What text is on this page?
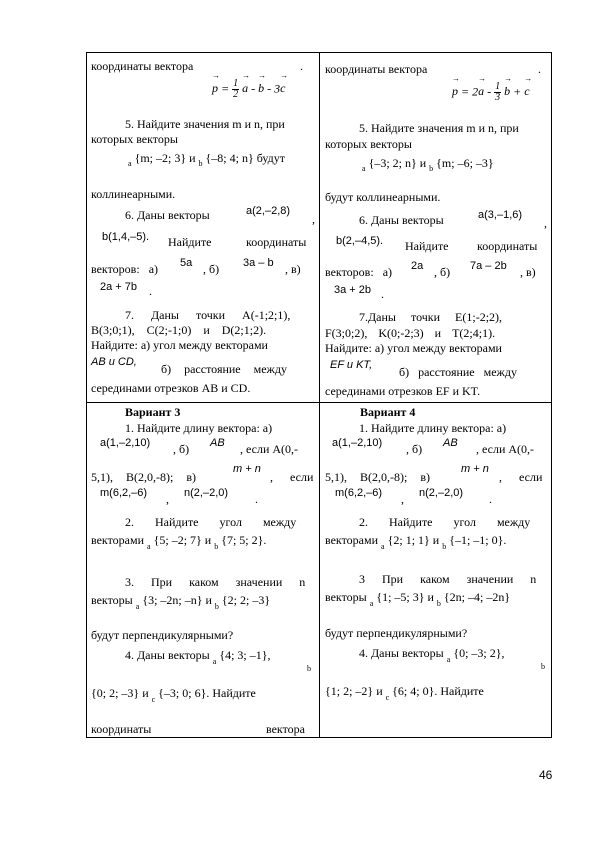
координаты вектора	.
→ $p = \frac{1}{2}$
→ a - → b - 3→ c
5. Найдите значения m и n, при
которых векторы
$_a$ {m; –2; 3} и $_b$ {–8; 4; n} будут
коллинеарными.
6. Даны векторы	a(2,–2,8)
,
b(1,4,–5). Найдите	координаты
векторов: а) 5a , б) 3a – b , в)
2a + 7b .
7. Даны точки А(-1;2;1),
В(3;0;1), С(2;-1;0) и D(2;1;2).
Найдите: а) угол между векторами
AB и CD, б) расстояние между
серединами отрезков AB и CD.
координаты вектора	.
→ $p = 2\to a - \frac{1}{3}$
→ b + → c
5. Найдите значения m и n, при
которых векторы
$_a$ {–3; 2; n} и $_b$ {m; –6; –3}
будут коллинеарными.
6. Даны векторы	a(3,–1,6)
,
b(2,–4,5). Найдите координаты
векторов: а) 2a , б) 7a – 2b , в)
3a + 2b .
7.Даны точки Е(1;-2;2),
F(3;0;2), K(0;-2;3) и Т(2;4;1).
Найдите: а) угол между векторами
EF и KT, б) расстояние между
серединами отрезков EF и KT.
Вариант 3
1. Найдите длину вектора: а)
a(1,–2,10) , б) AB , если А(0,-
5,1), В(2,0,-8); в)
m + n
, если
m(6,2,–6) , n(2,–2,0) .
2. Найдите угол между
векторами $_a$ {5; –2; 7} и $_b$ {7; 5; 2}.
3. При каком значении n
векторы $_a$ {3; –2n; –n} и $_b$ {2; 2; –3}
будут перпендикулярными?
4. Даны векторы $_a$ {4; 3; –1},
b
{0; 2; –3} и $_c$ {–3; 0; 6}. Найдите
координаты	вектора
Вариант 4
1. Найдите длину вектора: а)
a(1,–2,10) , б) AB , если А(0,-
5,1), В(2,0,-8); в)
m + n
, если
m(6,2,–6) , n(2,–2,0) .
2. Найдите угол между
векторами $_a$ {2; 1; 1} и $_b$ {–1; –1; 0}.
3 При каком значении n
векторы $_a$ {1; –5; 3} и $_b$ {2n; –4; –2n}
будут перпендикулярными?
4. Даны векторы $_a$ {0; –3; 2},
b
{1; 2; –2} и $_c$ {6; 4; 0}. Найдите
46
